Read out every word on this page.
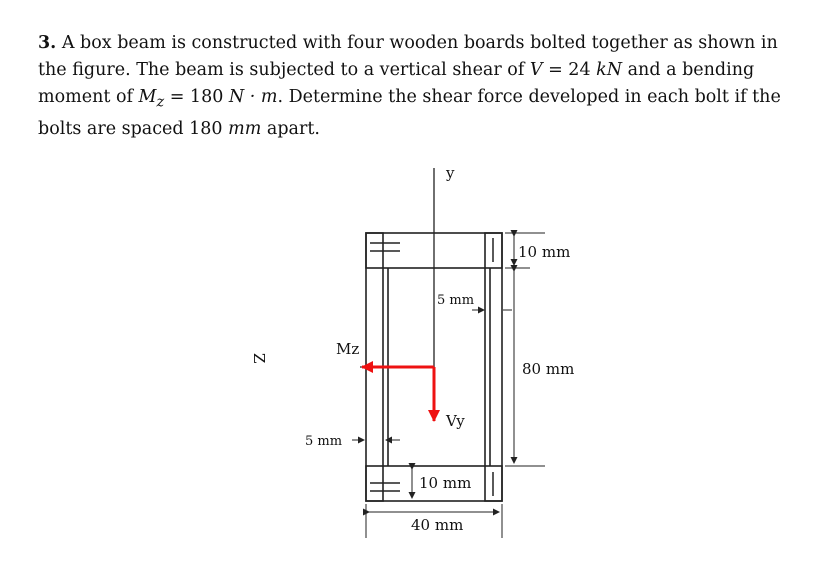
3. A box beam is constructed with four wooden boards bolted together as shown in the figure. The beam is subjected to a vertical shear of V = 24 kN and a bending moment of $M_z = 180$ N · m. Determine the shear force developed in each bolt if the bolts are spaced 180 mm apart.
y
Z
Mz
Vy
10 mm
5 mm
80 mm
5 mm
10 mm
40 mm
